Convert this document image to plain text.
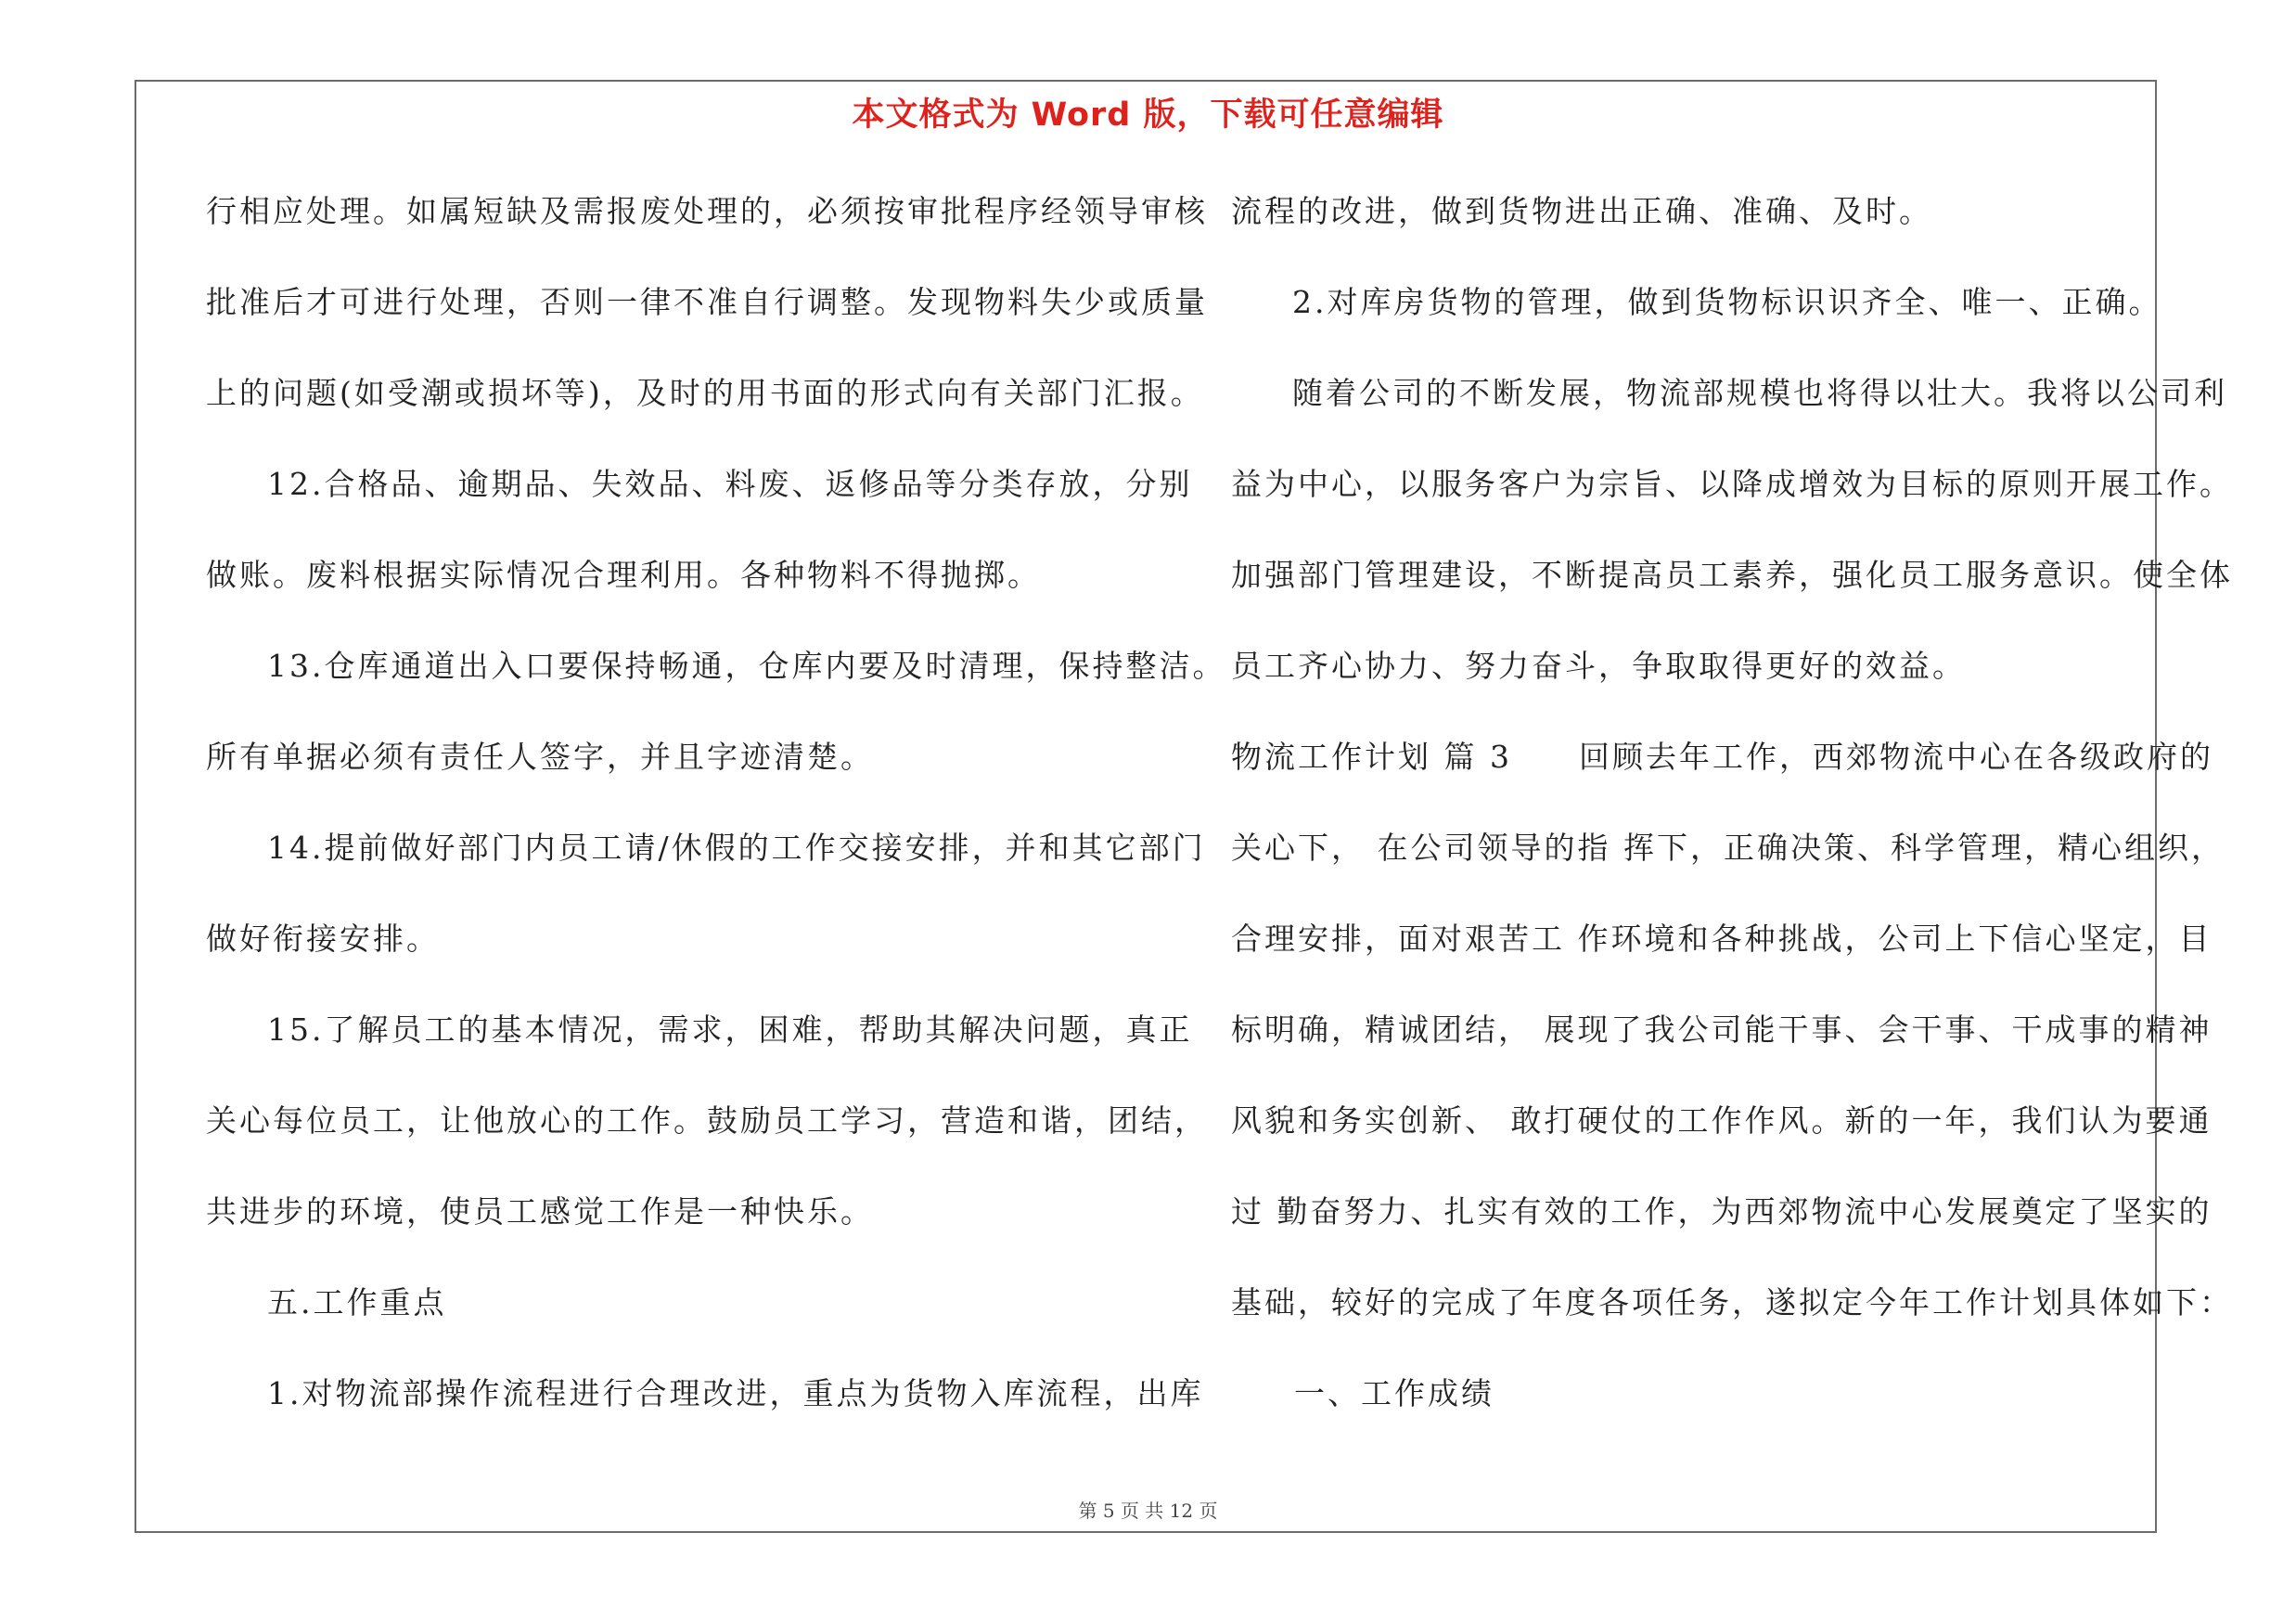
本文格式为 Word 版，下载可任意编辑
行相应处理。如属短缺及需报废处理的，必须按审批程序经领导审核
批准后才可进行处理，否则一律不准自行调整。发现物料失少或质量
上的问题(如受潮或损坏等)，及时的用书面的形式向有关部门汇报。
12.合格品、逾期品、失效品、料废、返修品等分类存放，分别
做账。废料根据实际情况合理利用。各种物料不得抛掷。
13.仓库通道出入口要保持畅通，仓库内要及时清理，保持整洁。
所有单据必须有责任人签字，并且字迹清楚。
14.提前做好部门内员工请/休假的工作交接安排，并和其它部门
做好衔接安排。
15.了解员工的基本情况，需求，困难，帮助其解决问题，真正
关心每位员工，让他放心的工作。鼓励员工学习，营造和谐，团结，
共进步的环境，使员工感觉工作是一种快乐。
五.工作重点
1.对物流部操作流程进行合理改进，重点为货物入库流程，出库
流程的改进，做到货物进出正确、准确、及时。
2.对库房货物的管理，做到货物标识识齐全、唯一、正确。
随着公司的不断发展，物流部规模也将得以壮大。我将以公司利
益为中心，以服务客户为宗旨、以降成增效为目标的原则开展工作。
加强部门管理建设，不断提高员工素养，强化员工服务意识。使全体
员工齐心协力、努力奋斗，争取取得更好的效益。
物流工作计划 篇 3　　回顾去年工作，西郊物流中心在各级政府的
关心下， 在公司领导的指 挥下，正确决策、科学管理，精心组织，
合理安排，面对艰苦工 作环境和各种挑战，公司上下信心坚定，目
标明确，精诚团结， 展现了我公司能干事、会干事、干成事的精神
风貌和务实创新、 敢打硬仗的工作作风。新的一年，我们认为要通
过 勤奋努力、扎实有效的工作，为西郊物流中心发展奠定了坚实的
基础，较好的完成了年度各项任务，遂拟定今年工作计划具体如下：
一、工作成绩
第 5 页 共 12 页
